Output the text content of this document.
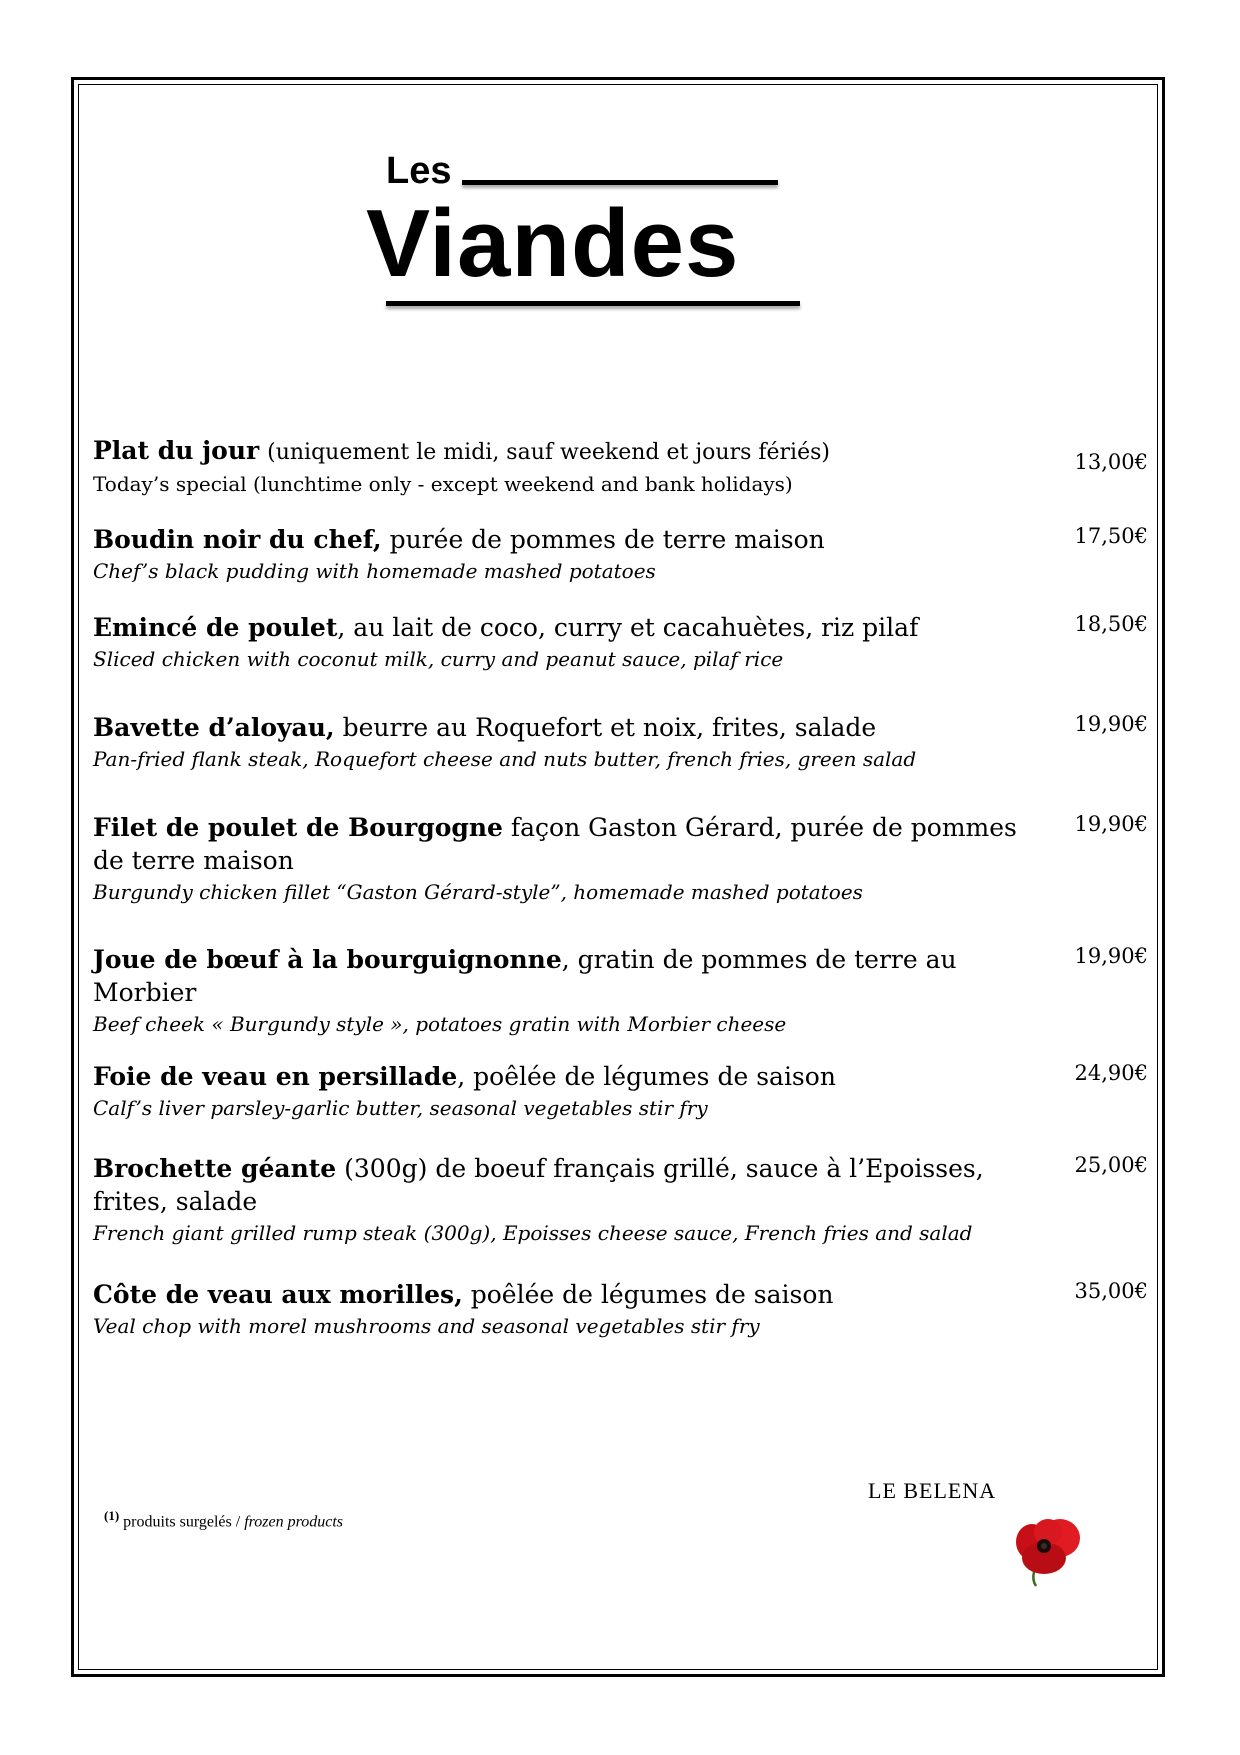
Les
Viandes
Plat du jour (uniquement le midi, sauf weekend et jours fériés)
Today’s special (lunchtime only - except weekend and bank holidays)
13,00€
Boudin noir du chef, purée de pommes de terre maison
Chef’s black pudding with homemade mashed potatoes
17,50€
Emincé de poulet, au lait de coco, curry et cacahuètes, riz pilaf
Sliced chicken with coconut milk, curry and peanut sauce, pilaf rice
18,50€
Bavette d’aloyau, beurre au Roquefort et noix, frites, salade
Pan-fried flank steak, Roquefort cheese and nuts butter, french fries, green salad
19,90€
Filet de poulet de Bourgogne façon Gaston Gérard, purée de pommes de terre maison
Burgundy chicken fillet “Gaston Gérard-style”, homemade mashed potatoes
19,90€
Joue de bœuf à la bourguignonne, gratin de pommes de terre au Morbier
Beef cheek « Burgundy style », potatoes gratin with Morbier cheese
19,90€
Foie de veau en persillade, poêlée de légumes de saison
Calf’s liver parsley-garlic butter, seasonal vegetables stir fry
24,90€
Brochette géante (300g) de boeuf français grillé, sauce à l’Epoisses, frites, salade
French giant grilled rump steak (300g), Epoisses cheese sauce, French fries and salad
25,00€
Côte de veau aux morilles, poêlée de légumes de saison
Veal chop with morel mushrooms and seasonal vegetables stir fry
35,00€
LE BELENA
$^{(1)}$ produits surgelés / frozen products
